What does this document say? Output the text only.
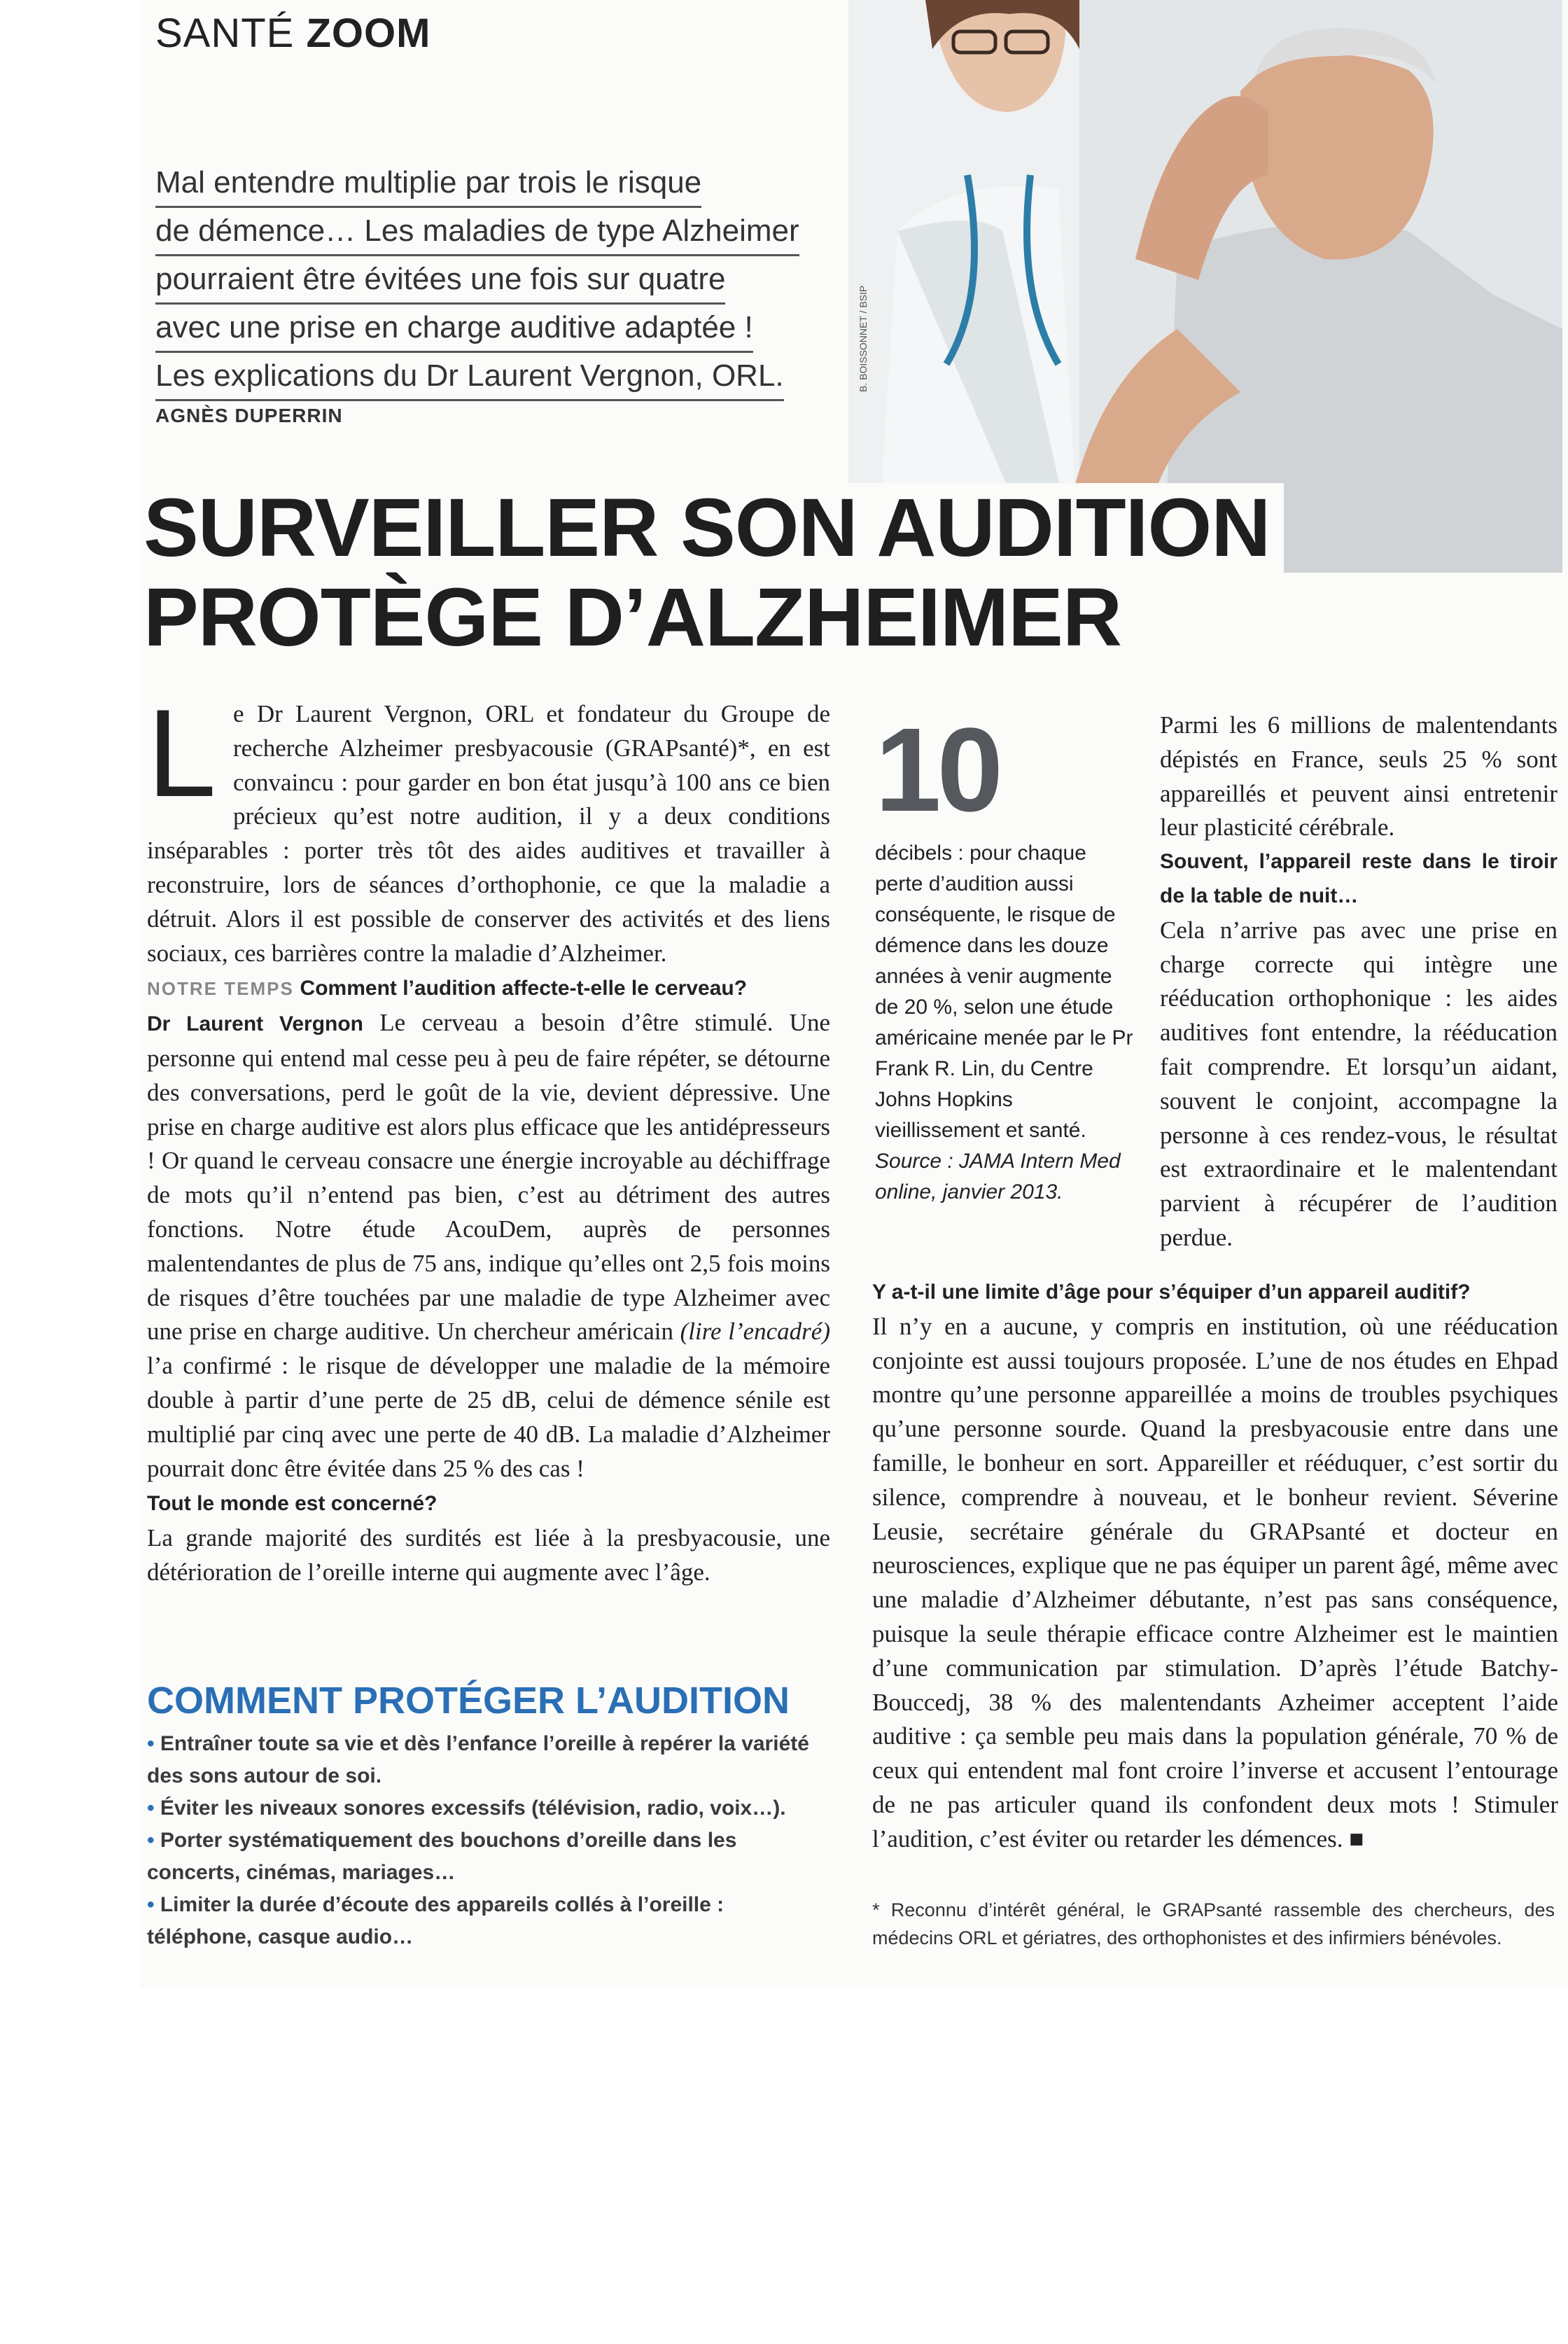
SANTÉ ZOOM
Mal entendre multiplie par trois le risque
de démence… Les maladies de type Alzheimer
pourraient être évitées une fois sur quatre
avec une prise en charge auditive adaptée !
Les explications du Dr Laurent Vergnon, ORL.
AGNÈS DUPERRIN
B. BOISSONNET / BSIP
SURVEILLER SON AUDITION
PROTÈGE D’ALZHEIMER
L e Dr Laurent Vergnon, ORL et fondateur du Groupe de recherche Alzheimer presbyacousie (GRAPsanté)*, en est convaincu : pour garder en bon état jusqu’à 100 ans ce bien précieux qu’est notre audition, il y a deux conditions inséparables : porter très tôt des aides auditives et travailler à reconstruire, lors de séances d’orthophonie, ce que la maladie a détruit. Alors il est possible de conserver des activités et des liens sociaux, ces barrières contre la maladie d’Alzheimer.
NOTRE TEMPS Comment l’audition affecte-t-elle le cerveau?
Dr Laurent Vergnon Le cerveau a besoin d’être stimulé. Une personne qui entend mal cesse peu à peu de faire répéter, se détourne des conversations, perd le goût de la vie, devient dépressive. Une prise en charge auditive est alors plus efficace que les antidépresseurs ! Or quand le cerveau consacre une énergie incroyable au déchiffrage de mots qu’il n’entend pas bien, c’est au détriment des autres fonctions. Notre étude AcouDem, auprès de personnes malentendantes de plus de 75 ans, indique qu’elles ont 2,5 fois moins de risques d’être touchées par une maladie de type Alzheimer avec une prise en charge auditive. Un chercheur américain (lire l’encadré) l’a confirmé : le risque de développer une maladie de la mémoire double à partir d’une perte de 25 dB, celui de démence sénile est multiplié par cinq avec une perte de 40 dB. La maladie d’Alzheimer pourrait donc être évitée dans 25 % des cas !
Tout le monde est concerné?
La grande majorité des surdités est liée à la presbyacousie, une détérioration de l’oreille interne qui augmente avec l’âge.
COMMENT PROTÉGER L’AUDITION

• Entraîner toute sa vie et dès l’enfance l’oreille à repérer la variété des sons autour de soi.

• Éviter les niveaux sonores excessifs (télévision, radio, voix…).

• Porter systématiquement des bouchons d’oreille dans les concerts, cinémas, mariages…

• Limiter la durée d’écoute des appareils collés à l’oreille : téléphone, casque audio…

10
décibels : pour chaque perte d’audition aussi conséquente, le risque de démence dans les douze années à venir augmente de 20 %, selon une étude américaine menée par le Pr Frank R. Lin, du Centre Johns Hopkins vieillissement et santé.
Source : JAMA Intern Med online, janvier 2013.
Parmi les 6 millions de malentendants dépistés en France, seuls 25 % sont appareillés et peuvent ainsi entretenir leur plasticité cérébrale.
Souvent, l’appareil reste dans le tiroir de la table de nuit…
Cela n’arrive pas avec une prise en charge correcte qui intègre une rééducation orthophonique : les aides auditives font entendre, la rééducation fait comprendre. Et lorsqu’un aidant, souvent le conjoint, accompagne la personne à ces rendez-vous, le résultat est extraordinaire et le malentendant parvient à récupérer de l’audition perdue.
Y a-t-il une limite d’âge pour s’équiper d’un appareil auditif?
Il n’y en a aucune, y compris en institution, où une rééducation conjointe est aussi toujours proposée. L’une de nos études en Ehpad montre qu’une personne appareillée a moins de troubles psychiques qu’une personne sourde. Quand la presbyacousie entre dans une famille, le bonheur en sort. Appareiller et rééduquer, c’est sortir du silence, comprendre à nouveau, et le bonheur revient. Séverine Leusie, secrétaire générale du GRAPsanté et docteur en neurosciences, explique que ne pas équiper un parent âgé, même avec une maladie d’Alzheimer débutante, n’est pas sans conséquence, puisque la seule thérapie efficace contre Alzheimer est le maintien d’une communication par stimulation. D’après l’étude Batchy-Bouccedj, 38 % des malentendants Azheimer acceptent l’aide auditive : ça semble peu mais dans la population générale, 70 % de ceux qui entendent mal font croire l’inverse et accusent l’entourage de ne pas articuler quand ils confondent deux mots ! Stimuler l’audition, c’est éviter ou retarder les démences. ■
* Reconnu d’intérêt général, le GRAPsanté rassemble des chercheurs, des médecins ORL et gériatres, des orthophonistes et des infirmiers bénévoles.
